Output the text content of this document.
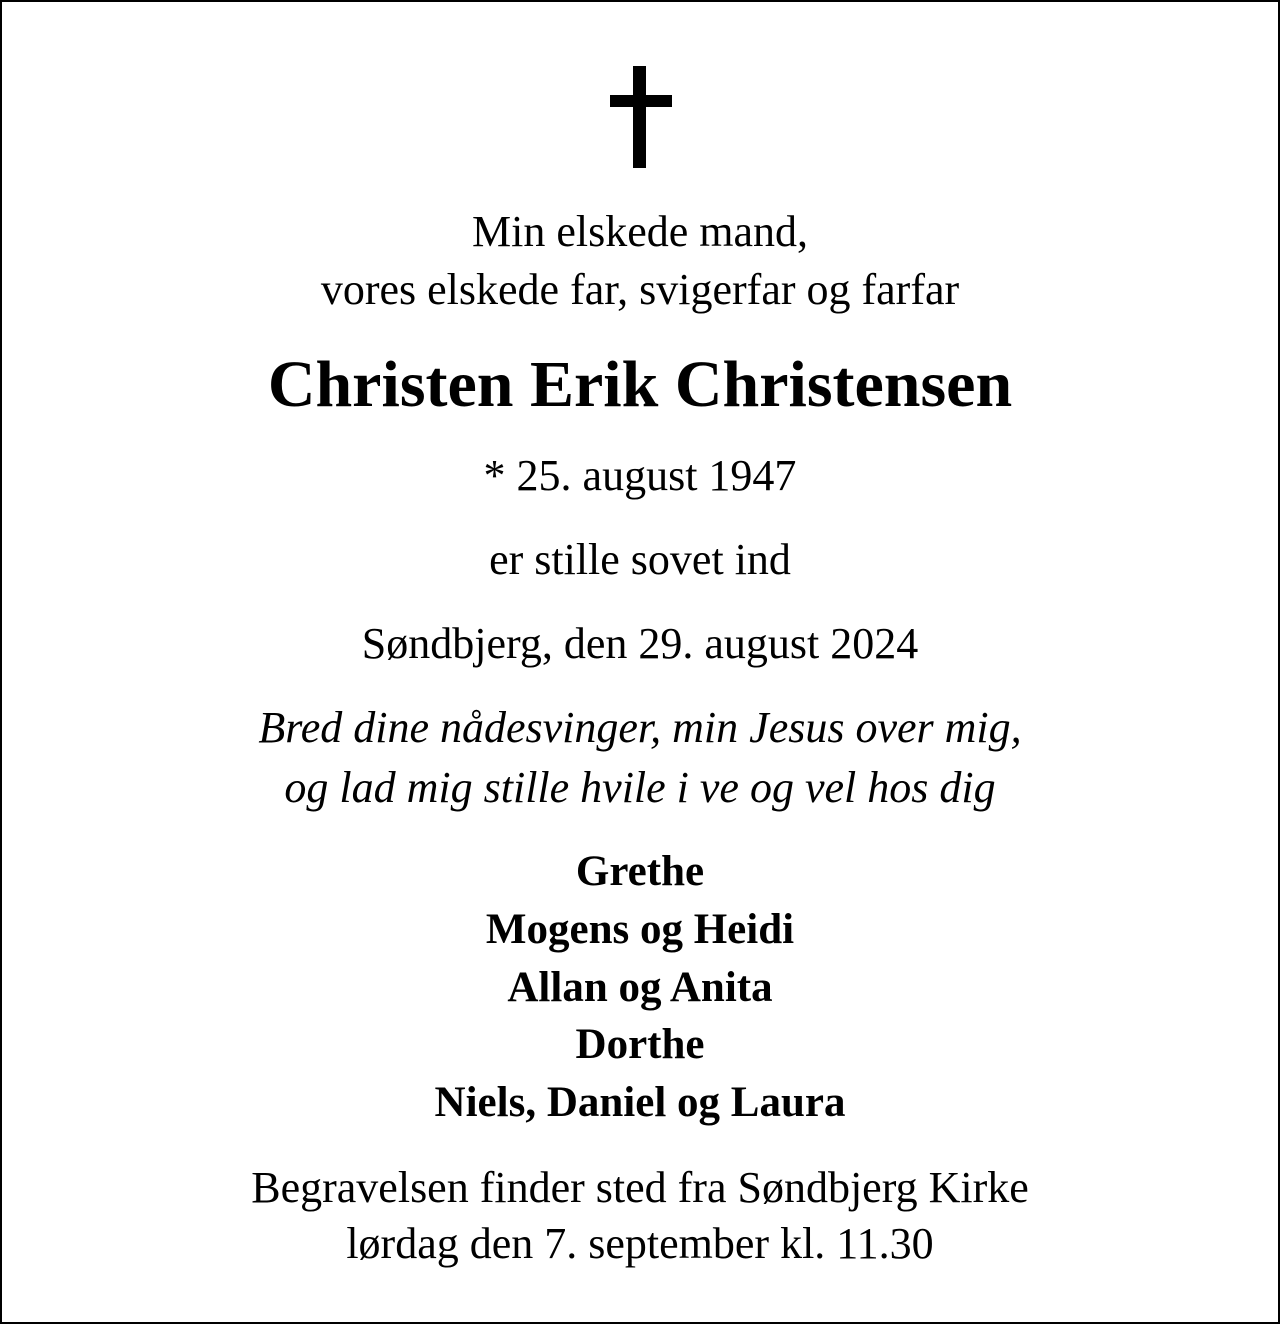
Min elskede mand,
vores elskede far, svigerfar og farfar
Christen Erik Christensen
* 25. august 1947
er stille sovet ind
Søndbjerg, den 29. august 2024
Bred dine nådesvinger, min Jesus over mig,
og lad mig stille hvile i ve og vel hos dig
Grethe
Mogens og Heidi
Allan og Anita
Dorthe
Niels, Daniel og Laura
Begravelsen finder sted fra Søndbjerg Kirke
lørdag den 7. september kl. 11.30
